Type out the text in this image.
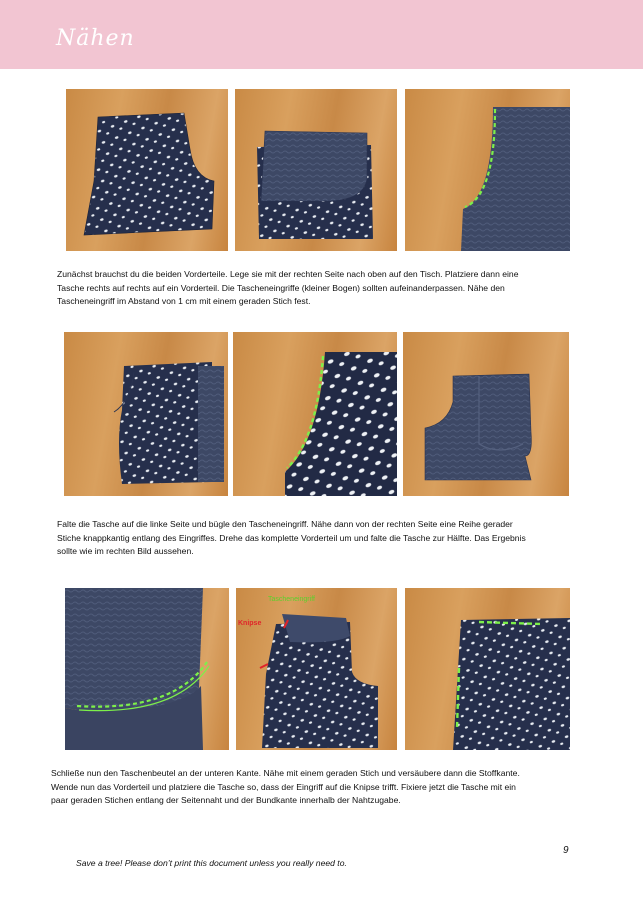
Nähen
Zunächst brauchst du die beiden Vorderteile. Lege sie mit der rechten Seite nach oben auf den Tisch. Platziere dann eine
Tasche rechts auf rechts auf ein Vorderteil. Die Tascheneingriffe (kleiner Bogen) sollten aufeinanderpassen. Nähe den
Tascheneingriff im Abstand von 1 cm mit einem geraden Stich fest.
Falte die Tasche auf die linke Seite und bügle den Tascheneingriff. Nähe dann von der rechten Seite eine Reihe gerader
Stiche knappkantig entlang des Eingriffes. Drehe das komplette Vorderteil um und falte die Tasche zur Hälfte. Das Ergebnis
sollte wie im rechten Bild aussehen.
Tascheneingriff
Knipse
Schließe nun den Taschenbeutel an der unteren Kante. Nähe mit einem geraden Stich und versäubere dann die Stoffkante.
Wende nun das Vorderteil und platziere die Tasche so, dass der Eingriff auf die Knipse trifft. Fixiere jetzt die Tasche mit ein
paar geraden Stichen entlang der Seitennaht und der Bundkante innerhalb der Nahtzugabe.
9
Save a tree! Please don’t print this document unless you really need to.
